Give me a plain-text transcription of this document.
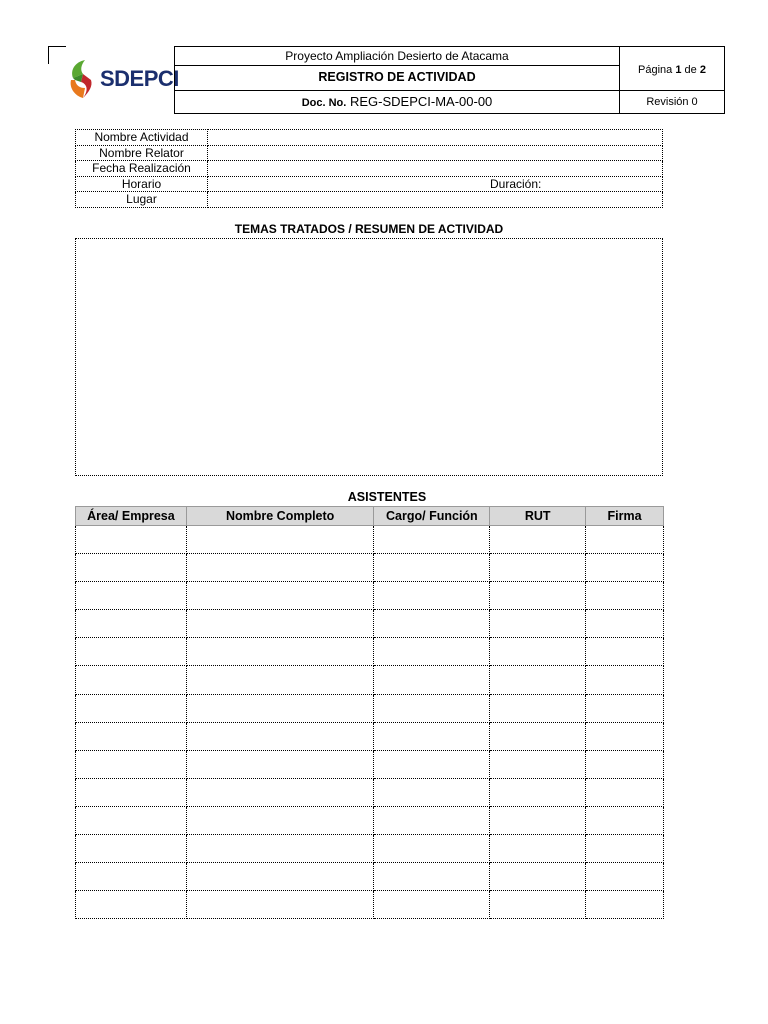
SDEPCI
Proyecto Ampliación Desierto de Atacama
REGISTRO DE ACTIVIDAD
Doc. No. REG-SDEPCI-MA-00-00
Página 1 de 2
Revisión 0
Nombre Actividad	
Nombre Relator	
Fecha Realización	
Horario	Duración:

Lugar	
TEMAS TRATADOS / RESUMEN DE ACTIVIDAD
ASISTENTES
Área/ Empresa	Nombre Completo	Cargo/ Función	RUT	Firma
